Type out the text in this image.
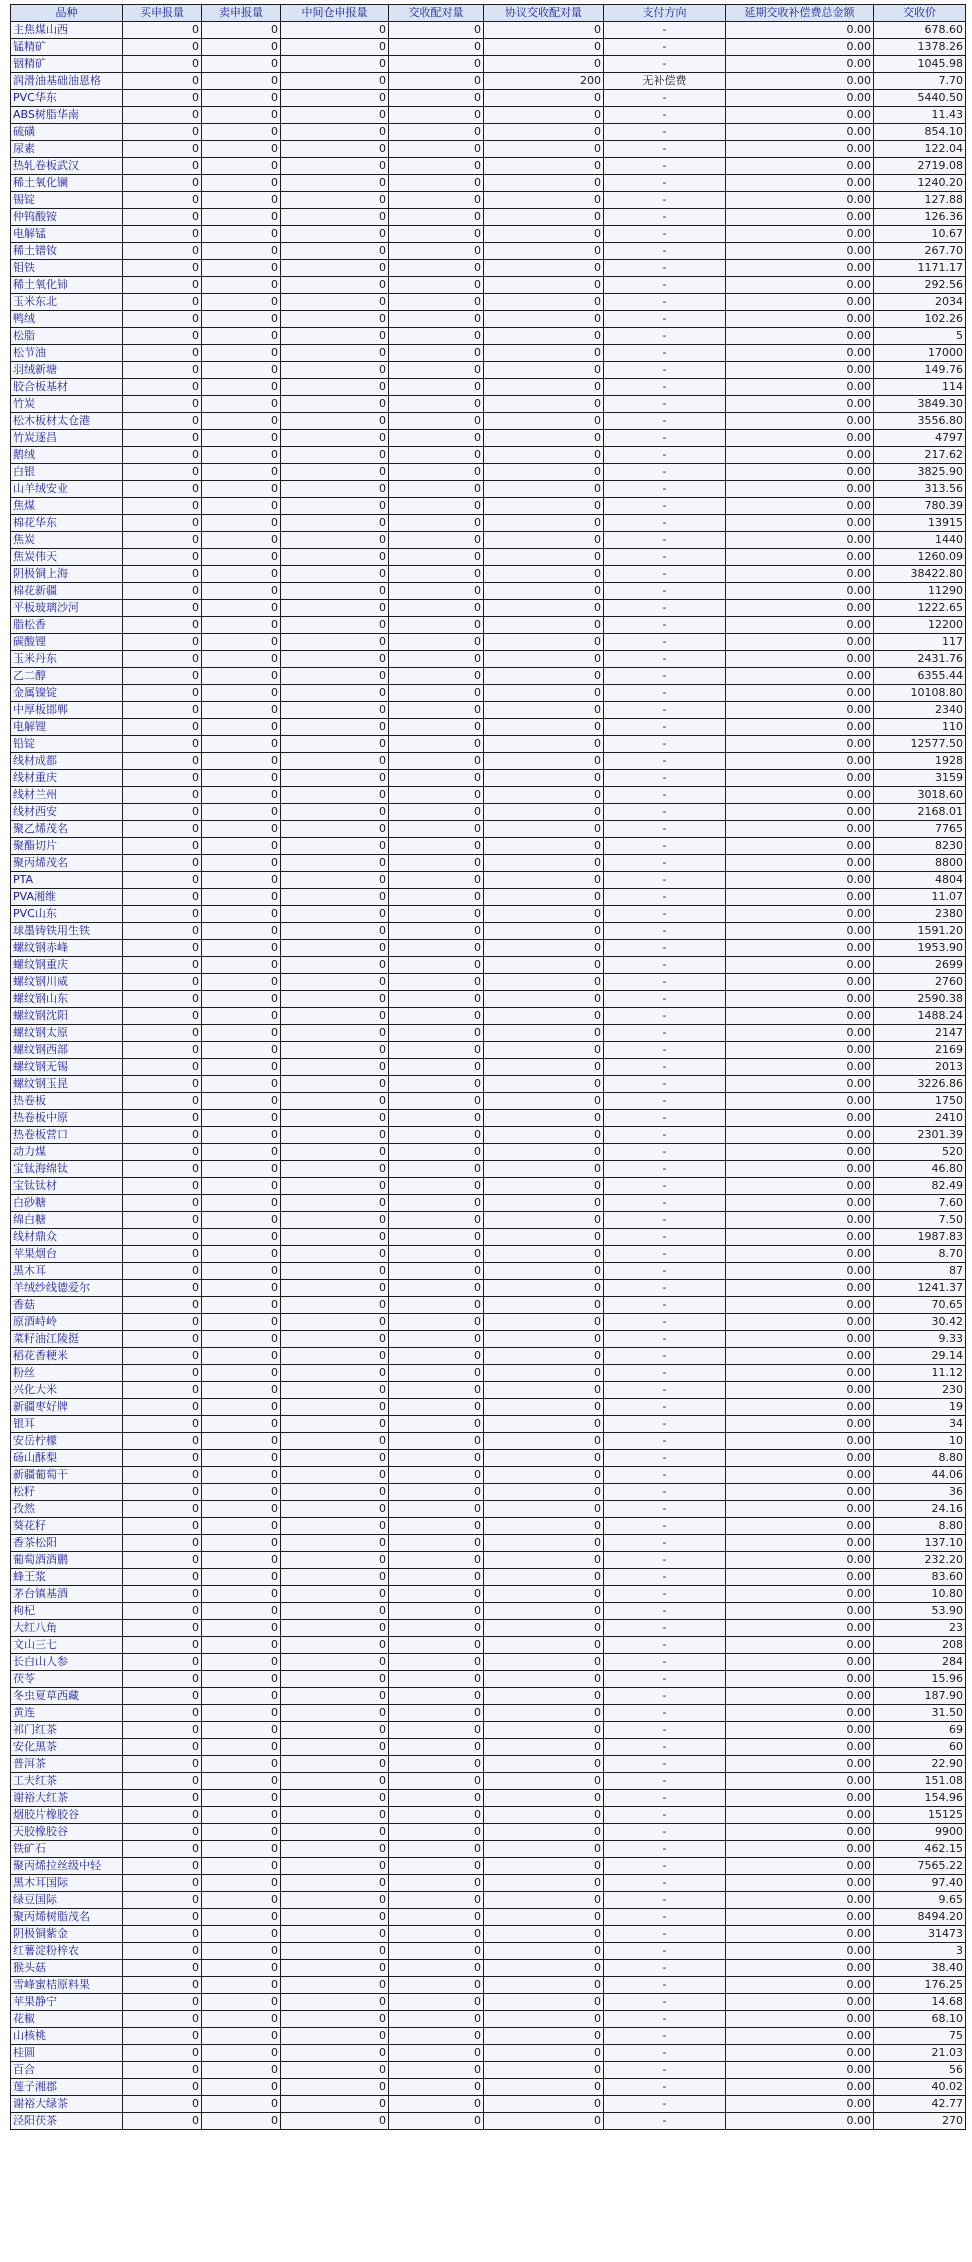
品种	买申报量	卖申报量	中间仓申报量	交收配对量	协议交收配对量	支付方向	延期交收补偿费总金额	交收价
主焦煤山西	0	0	0	0	0	-	0.00	678.60
锰精矿	0	0	0	0	0	-	0.00	1378.26
铟精矿	0	0	0	0	0	-	0.00	1045.98
润滑油基础油恩格	0	0	0	0	200	无补偿费	0.00	7.70
PVC华东	0	0	0	0	0	-	0.00	5440.50
ABS树脂华南	0	0	0	0	0	-	0.00	11.43
硫磺	0	0	0	0	0	-	0.00	854.10
尿素	0	0	0	0	0	-	0.00	122.04
热轧卷板武汉	0	0	0	0	0	-	0.00	2719.08
稀土氧化镧	0	0	0	0	0	-	0.00	1240.20
锡锭	0	0	0	0	0	-	0.00	127.88
仲钨酸铵	0	0	0	0	0	-	0.00	126.36
电解锰	0	0	0	0	0	-	0.00	10.67
稀土镨钕	0	0	0	0	0	-	0.00	267.70
钼铁	0	0	0	0	0	-	0.00	1171.17
稀土氧化铈	0	0	0	0	0	-	0.00	292.56
玉米东北	0	0	0	0	0	-	0.00	2034
鸭绒	0	0	0	0	0	-	0.00	102.26
松脂	0	0	0	0	0	-	0.00	5
松节油	0	0	0	0	0	-	0.00	17000
羽绒新塘	0	0	0	0	0	-	0.00	149.76
胶合板基材	0	0	0	0	0	-	0.00	114
竹炭	0	0	0	0	0	-	0.00	3849.30
松木板材太仓港	0	0	0	0	0	-	0.00	3556.80
竹炭逐昌	0	0	0	0	0	-	0.00	4797
鹅绒	0	0	0	0	0	-	0.00	217.62
白银	0	0	0	0	0	-	0.00	3825.90
山羊绒安业	0	0	0	0	0	-	0.00	313.56
焦煤	0	0	0	0	0	-	0.00	780.39
棉花华东	0	0	0	0	0	-	0.00	13915
焦炭	0	0	0	0	0	-	0.00	1440
焦炭伟天	0	0	0	0	0	-	0.00	1260.09
阴极铜上海	0	0	0	0	0	-	0.00	38422.80
棉花新疆	0	0	0	0	0	-	0.00	11290
平板玻璃沙河	0	0	0	0	0	-	0.00	1222.65
脂松香	0	0	0	0	0	-	0.00	12200
碳酸锂	0	0	0	0	0	-	0.00	117
玉米丹东	0	0	0	0	0	-	0.00	2431.76
乙二醇	0	0	0	0	0	-	0.00	6355.44
金属镍锭	0	0	0	0	0	-	0.00	10108.80
中厚板邯郸	0	0	0	0	0	-	0.00	2340
电解锂	0	0	0	0	0	-	0.00	110
铅锭	0	0	0	0	0	-	0.00	12577.50
线材成都	0	0	0	0	0	-	0.00	1928
线材重庆	0	0	0	0	0	-	0.00	3159
线材兰州	0	0	0	0	0	-	0.00	3018.60
线材西安	0	0	0	0	0	-	0.00	2168.01
聚乙烯茂名	0	0	0	0	0	-	0.00	7765
聚酯切片	0	0	0	0	0	-	0.00	8230
聚丙烯茂名	0	0	0	0	0	-	0.00	8800
PTA	0	0	0	0	0	-	0.00	4804
PVA湘维	0	0	0	0	0	-	0.00	11.07
PVC山东	0	0	0	0	0	-	0.00	2380
球墨铸铁用生铁	0	0	0	0	0	-	0.00	1591.20
螺纹钢赤峰	0	0	0	0	0	-	0.00	1953.90
螺纹钢重庆	0	0	0	0	0	-	0.00	2699
螺纹钢川威	0	0	0	0	0	-	0.00	2760
螺纹钢山东	0	0	0	0	0	-	0.00	2590.38
螺纹钢沈阳	0	0	0	0	0	-	0.00	1488.24
螺纹钢太原	0	0	0	0	0	-	0.00	2147
螺纹钢西部	0	0	0	0	0	-	0.00	2169
螺纹钢无锡	0	0	0	0	0	-	0.00	2013
螺纹钢玉昆	0	0	0	0	0	-	0.00	3226.86
热卷板	0	0	0	0	0	-	0.00	1750
热卷板中原	0	0	0	0	0	-	0.00	2410
热卷板营口	0	0	0	0	0	-	0.00	2301.39
动力煤	0	0	0	0	0	-	0.00	520
宝钛海绵钛	0	0	0	0	0	-	0.00	46.80
宝钛钛材	0	0	0	0	0	-	0.00	82.49
白砂糖	0	0	0	0	0	-	0.00	7.60
绵白糖	0	0	0	0	0	-	0.00	7.50
线材鼎众	0	0	0	0	0	-	0.00	1987.83
苹果烟台	0	0	0	0	0	-	0.00	8.70
黑木耳	0	0	0	0	0	-	0.00	87
羊绒纱线德爱尔	0	0	0	0	0	-	0.00	1241.37
香菇	0	0	0	0	0	-	0.00	70.65
原酒峙岭	0	0	0	0	0	-	0.00	30.42
菜籽油江陵挺	0	0	0	0	0	-	0.00	9.33
稻花香粳米	0	0	0	0	0	-	0.00	29.14
粉丝	0	0	0	0	0	-	0.00	11.12
兴化大米	0	0	0	0	0	-	0.00	230
新疆枣好牌	0	0	0	0	0	-	0.00	19
银耳	0	0	0	0	0	-	0.00	34
安岳柠檬	0	0	0	0	0	-	0.00	10
砀山酥梨	0	0	0	0	0	-	0.00	8.80
新疆葡萄干	0	0	0	0	0	-	0.00	44.06
松籽	0	0	0	0	0	-	0.00	36
孜然	0	0	0	0	0	-	0.00	24.16
葵花籽	0	0	0	0	0	-	0.00	8.80
香茶松阳	0	0	0	0	0	-	0.00	137.10
葡萄酒酒鹏	0	0	0	0	0	-	0.00	232.20
蜂王浆	0	0	0	0	0	-	0.00	83.60
茅台镇基酒	0	0	0	0	0	-	0.00	10.80
枸杞	0	0	0	0	0	-	0.00	53.90
大红八角	0	0	0	0	0	-	0.00	23
文山三七	0	0	0	0	0	-	0.00	208
长白山人参	0	0	0	0	0	-	0.00	284
茯苓	0	0	0	0	0	-	0.00	15.96
冬虫夏草西藏	0	0	0	0	0	-	0.00	187.90
黄连	0	0	0	0	0	-	0.00	31.50
祁门红茶	0	0	0	0	0	-	0.00	69
安化黑茶	0	0	0	0	0	-	0.00	60
普洱茶	0	0	0	0	0	-	0.00	22.90
工夫红茶	0	0	0	0	0	-	0.00	151.08
谢裕大红茶	0	0	0	0	0	-	0.00	154.96
烟胶片橡胶谷	0	0	0	0	0	-	0.00	15125
天胶橡胶谷	0	0	0	0	0	-	0.00	9900
铁矿石	0	0	0	0	0	-	0.00	462.15
聚丙烯拉丝级中轻	0	0	0	0	0	-	0.00	7565.22
黑木耳国际	0	0	0	0	0	-	0.00	97.40
绿豆国际	0	0	0	0	0	-	0.00	9.65
聚丙烯树脂茂名	0	0	0	0	0	-	0.00	8494.20
阴极铜紫金	0	0	0	0	0	-	0.00	31473
红薯淀粉梓农	0	0	0	0	0	-	0.00	3
猴头菇	0	0	0	0	0	-	0.00	38.40
雪峰蜜桔原料果	0	0	0	0	0	-	0.00	176.25
苹果静宁	0	0	0	0	0	-	0.00	14.68
花椒	0	0	0	0	0	-	0.00	68.10
山核桃	0	0	0	0	0	-	0.00	75
桂圆	0	0	0	0	0	-	0.00	21.03
百合	0	0	0	0	0	-	0.00	56
莲子湘郡	0	0	0	0	0	-	0.00	40.02
谢裕大绿茶	0	0	0	0	0	-	0.00	42.77
泾阳茯茶	0	0	0	0	0	-	0.00	270
